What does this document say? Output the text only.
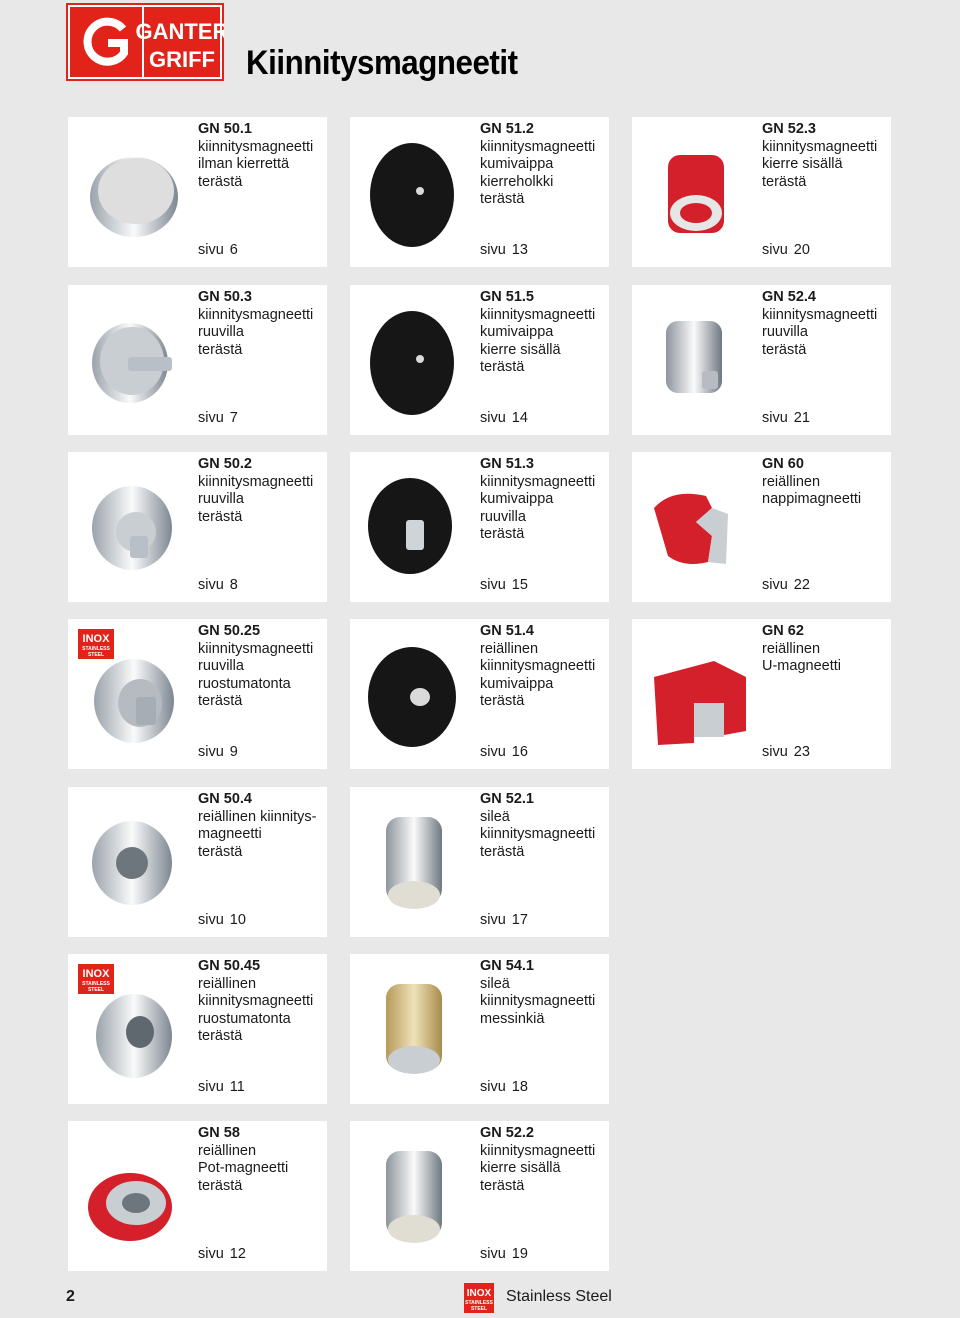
GANTER
GRIFF Kiinnitysmagneetit
GN 50.1
kiinnitysmagneetti
ilman kierrettä
terästä
sivu 6
GN 51.2
kiinnitysmagneetti
kumivaippa
kierreholkki
terästä
sivu 13
GN 52.3
kiinnitysmagneetti
kierre sisällä
terästä
sivu 20
GN 50.3
kiinnitysmagneetti
ruuvilla
terästä
sivu 7
GN 51.5
kiinnitysmagneetti
kumivaippa
kierre sisällä
terästä
sivu 14
GN 52.4
kiinnitysmagneetti
ruuvilla
terästä
sivu 21
GN 50.2
kiinnitysmagneetti
ruuvilla
terästä
sivu 8
GN 51.3
kiinnitysmagneetti
kumivaippa
ruuvilla
terästä
sivu 15
GN 60
reiällinen
nappimagneetti
sivu 22
INOX
STAINLESS
STEEL
GN 50.25
kiinnitysmagneetti
ruuvilla
ruostumatonta
terästä
sivu 9
GN 51.4
reiällinen
kiinnitysmagneetti
kumivaippa
terästä
sivu 16
GN 62
reiällinen
U-magneetti
sivu 23
GN 50.4
reiällinen kiinnitys-
magneetti
terästä
sivu 10
GN 52.1
sileä
kiinnitysmagneetti
terästä
sivu 17
INOX
STAINLESS
STEEL
GN 50.45
reiällinen
kiinnitysmagneetti
ruostumatonta
terästä
sivu 11
GN 54.1
sileä
kiinnitysmagneetti
messinkiä
sivu 18
GN 58
reiällinen
Pot-magneetti
terästä
sivu 12
GN 52.2
kiinnitysmagneetti
kierre sisällä
terästä
sivu 19
2	INOX
STAINLESS
STEEL
Stainless Steel
